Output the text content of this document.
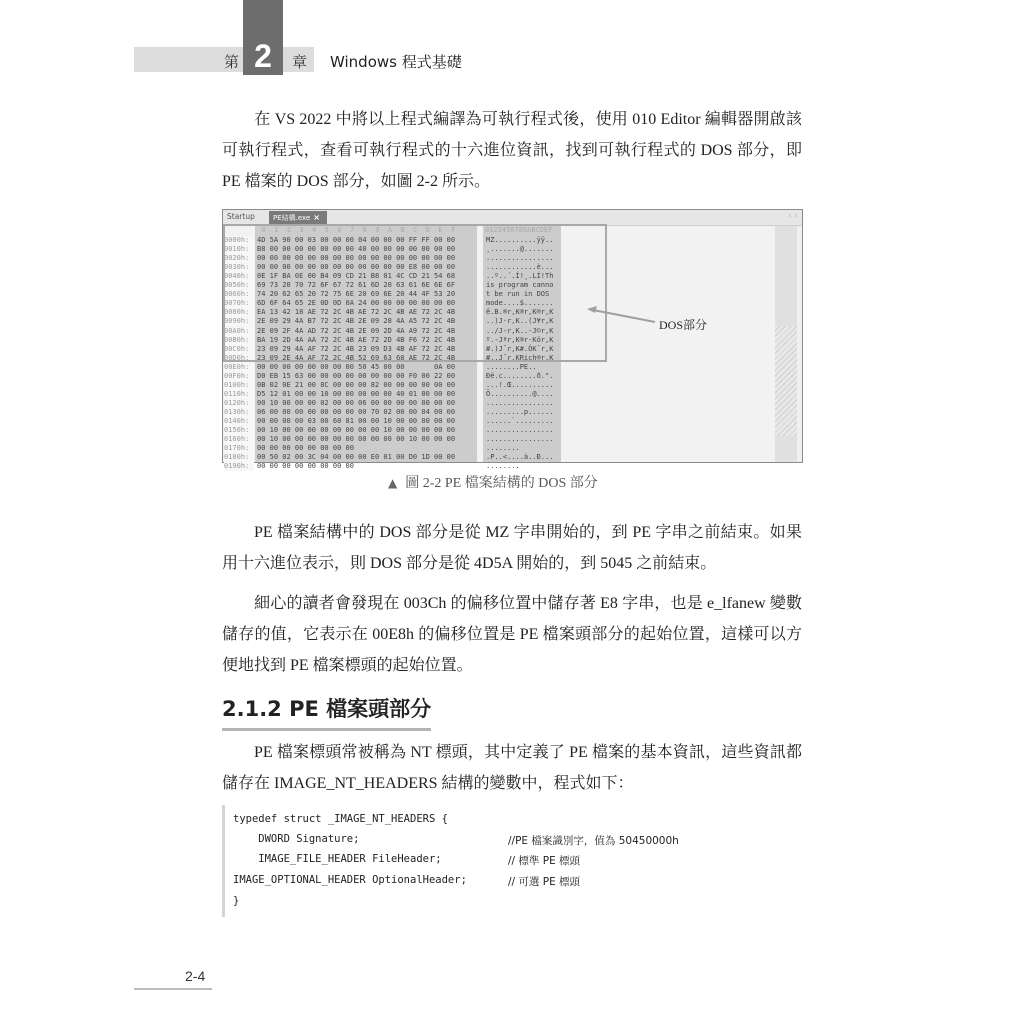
第 2	章 Windows 程式基礎
在 VS 2022 中將以上程式編譯為可執行程式後，使用 010 Editor 編輯器開啟該可執行程式，查看可執行程式的十六進位資訊，找到可執行程式的 DOS 部分，即 PE 檔案的 DOS 部分，如圖 2-2 所示。
Startup	PE結構.exe ×	‹ ›
0  1  2  3  4  5  6  7  8  9  A  B  C  D  E  F	0123456789ABCDEF
0000h:	4D 5A 90 00 03 00 00 00 04 00 00 00 FF FF 00 00	MZ..........ÿÿ..
0010h:	B8 00 00 00 00 00 00 00 40 00 00 00 00 00 00 00	¸.......@.......
0020h:	00 00 00 00 00 00 00 00 00 00 00 00 00 00 00 00	................
0030h:	00 00 00 00 00 00 00 00 00 00 00 00 E8 00 00 00	............è...
0040h:	0E 1F BA 0E 00 B4 09 CD 21 B8 01 4C CD 21 54 68	..º..´.Í!¸.LÍ!Th
0050h:	69 73 20 70 72 6F 67 72 61 6D 20 63 61 6E 6E 6F	is program canno
0060h:	74 20 62 65 20 72 75 6E 20 69 6E 20 44 4F 53 20	t be run in DOS
0070h:	6D 6F 64 65 2E 0D 0D 0A 24 00 00 00 00 00 00 00	mode....$.......
0080h:	EA 13 42 18 AE 72 2C 4B AE 72 2C 4B AE 72 2C 4B	ê.B.®r,K®r,K®r,K
0090h:	2E 09 29 4A B7 72 2C 4B 2E 09 28 4A A5 72 2C 4B	..)J·r,K..(J¥r,K
00A0h:	2E 09 2F 4A AD 72 2C 4B 2E 09 2D 4A A9 72 2C 4B	../J-r,K..-J©r,K
00B0h:	BA 19 2D 4A AA 72 2C 4B AE 72 2D 4B F6 72 2C 4B	º.-Jªr,K®r-Kör,K
00C0h:	23 09 29 4A AF 72 2C 4B 23 09 D3 4B AF 72 2C 4B	#.)J¯r,K#.ÓK¯r,K
00D0h:	23 09 2E 4A AF 72 2C 4B 52 69 63 68 AE 72 2C 4B	#..J¯r,KRich®r,K
00E0h:	00 00 00 00 00 00 00 00 50 45 00 00       0A 00	........PE..
00F0h:	D0 EB 15 63 00 00 00 00 00 00 00 00 F0 00 22 00	Ðë.c........ð.".
0100h:	0B 02 0E 21 00 8C 00 00 00 82 00 00 00 00 00 00	...!.Œ..........
0110h:	D5 12 01 00 00 10 00 00 00 00 00 40 01 00 00 00	Õ..........@....
0120h:	00 10 00 00 00 02 00 00 06 00 00 00 00 00 00 00	................
0130h:	06 00 00 00 00 00 00 00 00 70 02 00 00 04 00 00	.........p......
0140h:	00 00 00 00 03 00 60 81 00 00 10 00 00 00 00 00	......`.........
0150h:	00 10 00 00 00 00 00 00 00 00 10 00 00 00 00 00	................
0160h:	00 10 00 00 00 00 00 00 00 00 00 00 10 00 00 00	................
0170h:	00 00 00 00 00 00 00 00	........
0180h:	00 50 02 00 3C 04 00 00 00 E0 01 00 D0 1D 00 00	.P..<....à..Ð...
0190h:	00 00 00 00 00 00 00 00	........
DOS部分
▲ 圖 2-2 PE 檔案結構的 DOS 部分
PE 檔案結構中的 DOS 部分是從 MZ 字串開始的，到 PE 字串之前結束。如果用十六進位表示，則 DOS 部分是從 4D5A 開始的，到 5045 之前結束。
細心的讀者會發現在 003Ch 的偏移位置中儲存著 E8 字串，也是 e_lfanew 變數儲存的值，它表示在 00E8h 的偏移位置是 PE 檔案頭部分的起始位置，這樣可以方便地找到 PE 檔案標頭的起始位置。
2.1.2 PE 檔案頭部分
PE 檔案標頭常被稱為 NT 標頭，其中定義了 PE 檔案的基本資訊，這些資訊都儲存在 IMAGE_NT_HEADERS 結構的變數中，程式如下：
typedef struct _IMAGE_NT_HEADERS {
DWORD Signature;	//PE 檔案識別字，值為 50450000h
IMAGE_FILE_HEADER FileHeader;	// 標準 PE 標頭
IMAGE_OPTIONAL_HEADER OptionalHeader;	// 可選 PE 標頭
}
2-4
